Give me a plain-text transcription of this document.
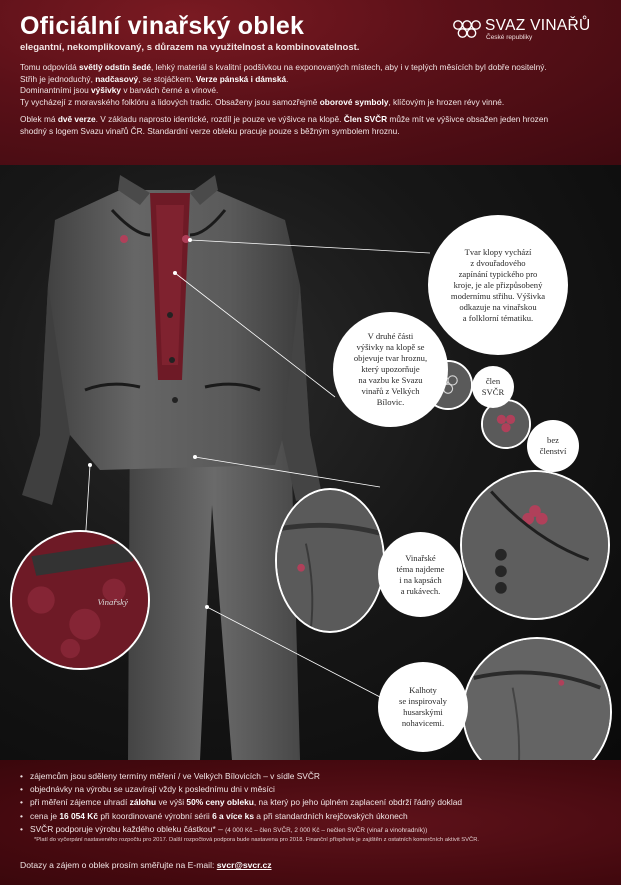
Oficiální vinařský oblek
elegantní, nekomplikovaný, s důrazem na využitelnost a kombinovatelnost.
SVAZ VINAŘŮ
České republiky

Tomu odpovídá světlý odstín šedé, lehký materiál s kvalitní podšívkou na exponovaných místech, aby i v teplých měsících byl dobře nositelný.

Střih je jednoduchý, nadčasový, se stojáčkem. Verze pánská i dámská.

Dominantními jsou výšivky v barvách černé a vínové.

Ty vycházejí z moravského folklóru a lidových tradic. Obsaženy jsou samozřejmě oborové symboly, klíčovým je hrozen révy vinné.

Oblek má dvě verze. V základu naprosto identické, rozdíl je pouze ve výšivce na klopě. Člen SVČR může mít ve výšivce obsažen jeden hrozen

shodný s logem Svazu vinařů ČR. Standardní verze obleku pracuje pouze s běžným symbolem hroznu.

Vinařský
Tvar klopy vychází
z dvouřadového
zapínání typického pro
kroje, je ale přizpůsobený
modernímu střihu. Výšivka
odkazuje na vinařskou
a folklorní tématiku.
V druhé části
výšivky na klopě se
objevuje tvar hroznu,
který upozorňuje
na vazbu ke Svazu
vinařů z Velkých
Bílovic.
člen
SVČR
bez
členství
Vinařské
téma najdeme
i na kapsách
a rukávech.
Kalhoty
se inspirovaly
husarskými
nohavicemi.
• zájemcům jsou sděleny termíny měření / ve Velkých Bílovicích – v sídle SVČR
• objednávky na výrobu se uzavírají vždy k poslednímu dni v měsíci
• při měření zájemce uhradí zálohu ve výši 50% ceny obleku, na který po jeho úplném zaplacení obdrží řádný doklad
• cena je 16 054 Kč při koordinované výrobní sérii 6 a více ks a při standardních krejčovských úkonech
• SVČR podporuje výrobu každého obleku částkou* – (4 000 Kč – člen SVČR, 2 000 Kč – nečlen SVČR (vinař a vinohradník))
*Platí do vyčerpání nastaveného rozpočtu pro 2017. Další rozpočtová podpora bude nastavena pro 2018. Finanční příspěvek je zajištěn z ostatních komerčních aktivit SVČR.
Dotazy a zájem o oblek prosím směřujte na E-mail: svcr@svcr.cz
